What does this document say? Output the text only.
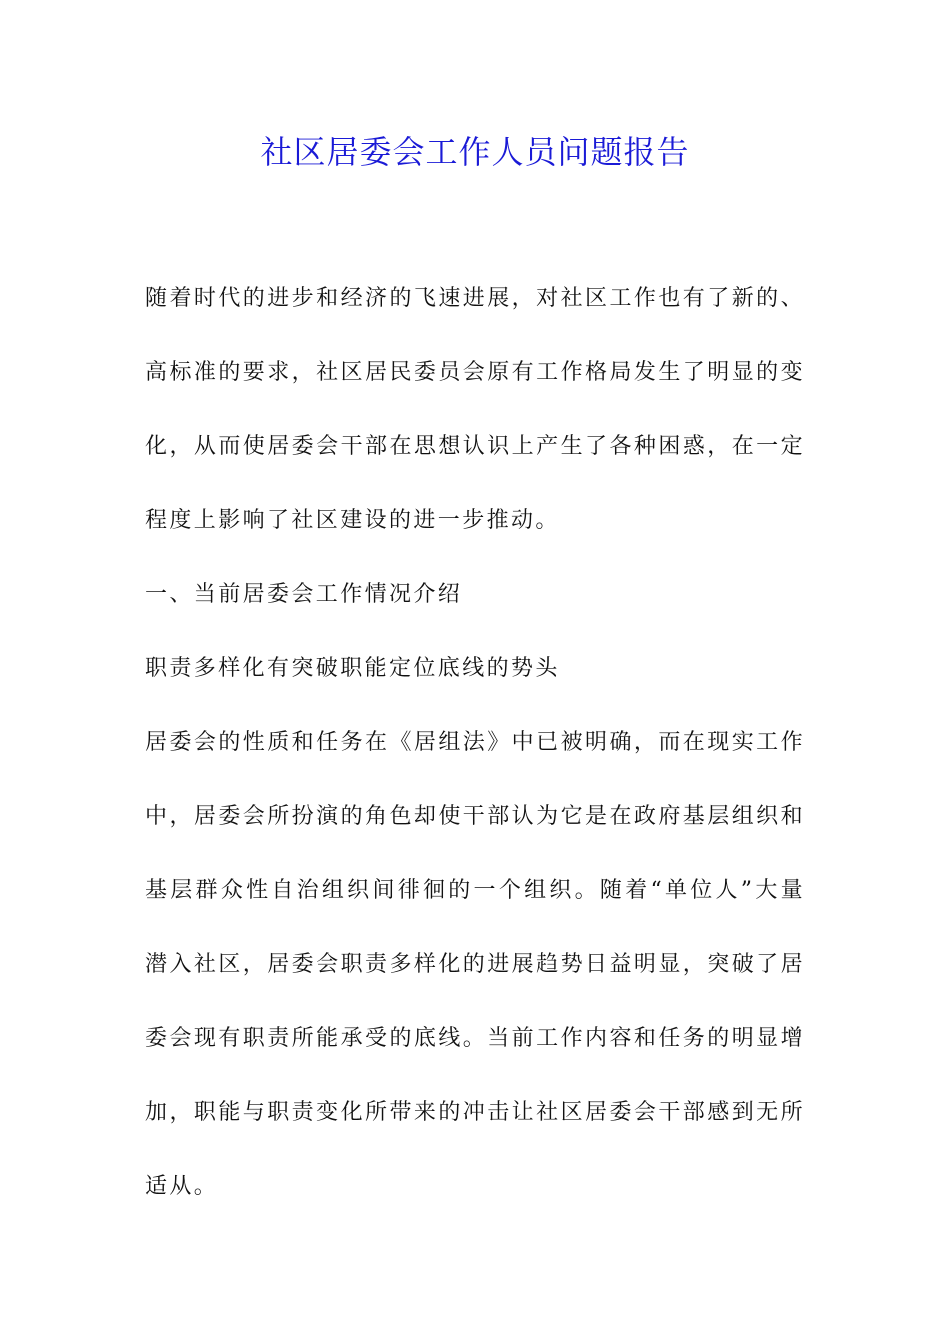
社区居委会工作人员问题报告

随着时代的进步和经济的飞速进展，对社区工作也有了新的、高标准的要求，社区居民委员会原有工作格局发生了明显的变化，从而使居委会干部在思想认识上产生了各种困惑，在一定程度上影响了社区建设的进一步推动。

一、当前居委会工作情况介绍

职责多样化有突破职能定位底线的势头

居委会的性质和任务在《居组法》中已被明确，而在现实工作中，居委会所扮演的角色却使干部认为它是在政府基层组织和基层群众性自治组织间徘徊的一个组织。随着“单位人”大量潜入社区，居委会职责多样化的进展趋势日益明显，突破了居委会现有职责所能承受的底线。当前工作内容和任务的明显增加，职能与职责变化所带来的冲击让社区居委会干部感到无所适从。
